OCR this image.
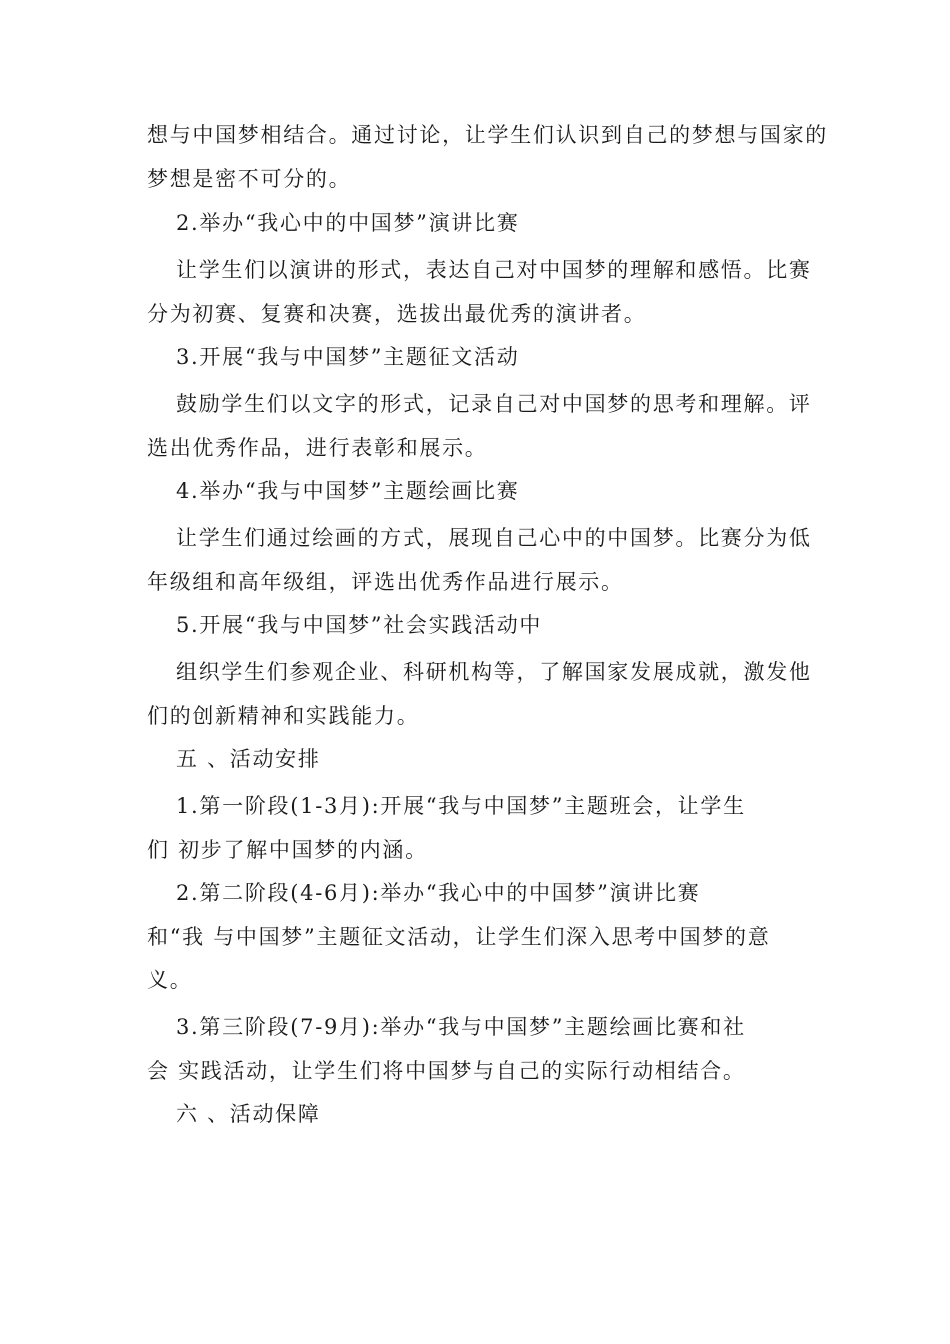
想与中国梦相结合。通过讨论，让学生们认识到自己的梦想与国家的
梦想是密不可分的。
2.举办“我心中的中国梦”演讲比赛
让学生们以演讲的形式，表达自己对中国梦的理解和感悟。比赛
分为初赛、复赛和决赛，选拔出最优秀的演讲者。
3.开展“我与中国梦”主题征文活动
鼓励学生们以文字的形式，记录自己对中国梦的思考和理解。评
选出优秀作品，进行表彰和展示。
4.举办“我与中国梦”主题绘画比赛
让学生们通过绘画的方式，展现自己心中的中国梦。比赛分为低
年级组和高年级组，评选出优秀作品进行展示。
5.开展“我与中国梦”社会实践活动中
组织学生们参观企业、科研机构等，了解国家发展成就，激发他
们的创新精神和实践能力。
五 、活动安排
1.第一阶段(1-3月):开展“我与中国梦”主题班会，让学生
们 初步了解中国梦的内涵。
2.第二阶段(4-6月):举办“我心中的中国梦”演讲比赛
和“我 与中国梦”主题征文活动，让学生们深入思考中国梦的意
义。
3.第三阶段(7-9月):举办“我与中国梦”主题绘画比赛和社
会 实践活动，让学生们将中国梦与自己的实际行动相结合。
六 、活动保障
